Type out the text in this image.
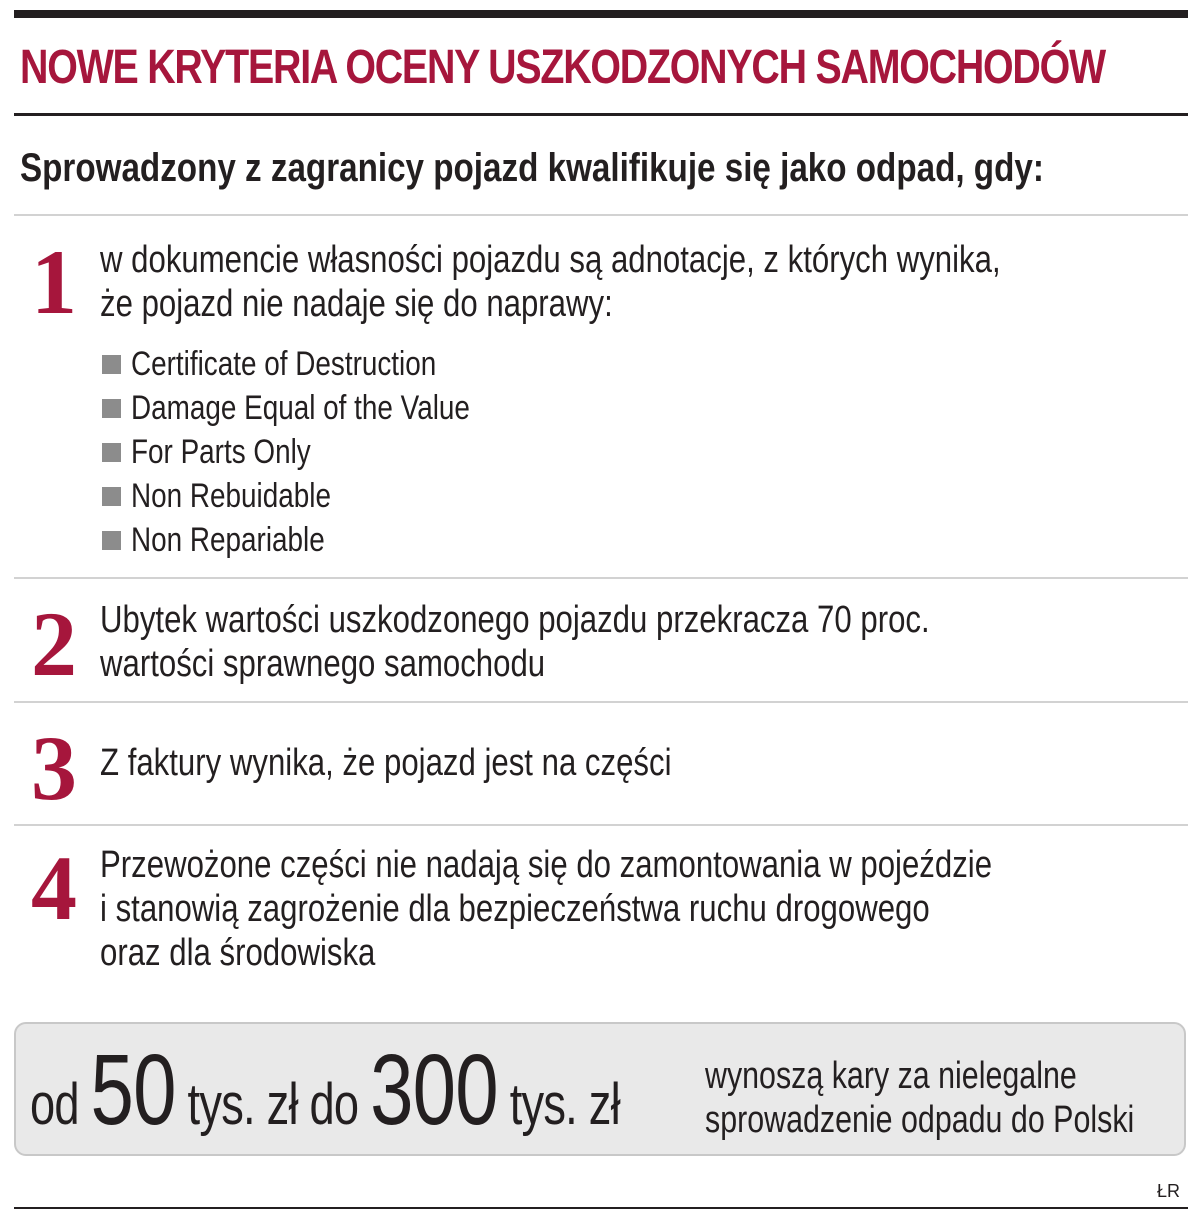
NOWE KRYTERIA OCENY USZKODZONYCH SAMOCHODÓW
Sprowadzony z zagranicy pojazd kwalifikuje się jako odpad, gdy:
1 w dokumencie własności pojazdu są adnotacje, z których wynika,
że pojazd nie nadaje się do naprawy:
Certificate of Destruction
Damage Equal of the Value
For Parts Only
Non Rebuidable
Non Repariable
2 Ubytek wartości uszkodzonego pojazdu przekracza 70 proc.
wartości sprawnego samochodu
3 Z faktury wynika, że pojazd jest na części
4 Przewożone części nie nadają się do zamontowania w pojeździe
i stanowią zagrożenie dla bezpieczeństwa ruchu drogowego
oraz dla środowiska
od 50 tys. zł do 300 tys. zł wynoszą kary za nielegalne
sprowadzenie odpadu do Polski
ŁR
